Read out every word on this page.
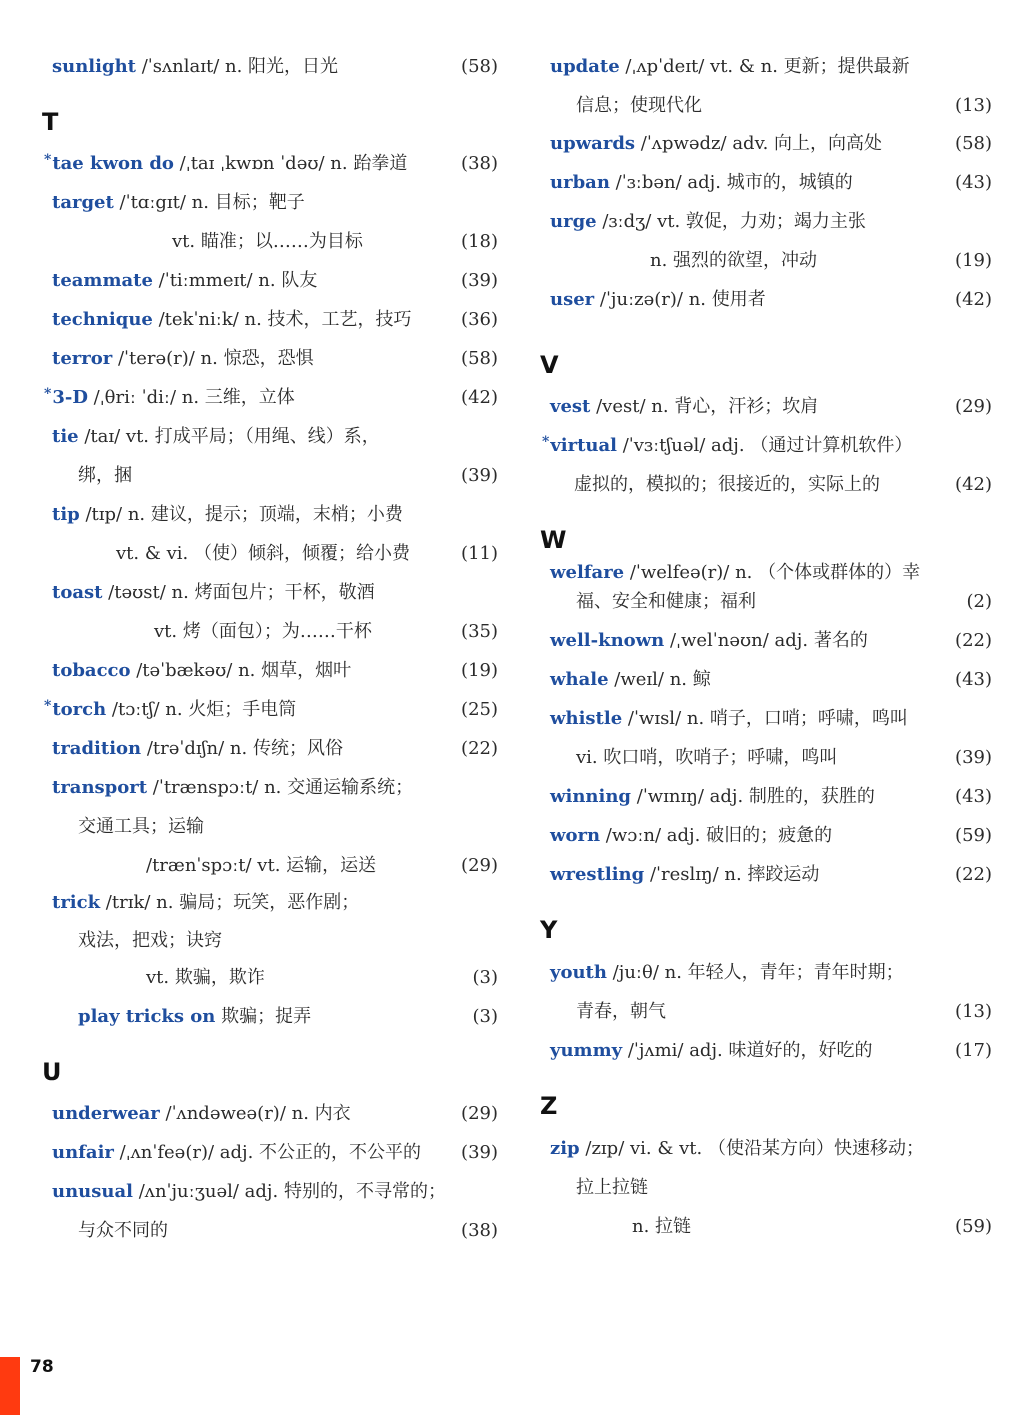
sunlight /ˈsʌnlaɪt/ n. 阳光，日光	(58)
T
*tae kwon do /ˌtaɪ ˌkwɒn ˈdəʊ/ n. 跆拳道	(38)
target /ˈtɑːgɪt/ n. 目标；靶子
vt. 瞄准；以……为目标	(18)
teammate /ˈtiːmmeɪt/ n. 队友	(39)
technique /tekˈniːk/ n. 技术，工艺，技巧	(36)
terror /ˈterə(r)/ n. 惊恐，恐惧	(58)
*3-D /ˌθriː ˈdiː/ n. 三维，立体	(42)
tie /taɪ/ vt. 打成平局；（用绳、线）系，
绑，捆	(39)
tip /tɪp/ n. 建议，提示；顶端，末梢；小费
vt. & vi. （使）倾斜，倾覆；给小费	(11)
toast /təʊst/ n. 烤面包片；干杯，敬酒
vt. 烤（面包）；为……干杯	(35)
tobacco /təˈbækəʊ/ n. 烟草，烟叶	(19)
*torch /tɔːtʃ/ n. 火炬；手电筒	(25)
tradition /trəˈdɪʃn/ n. 传统；风俗	(22)
transport /ˈtrænspɔːt/ n. 交通运输系统；
交通工具；运输
/trænˈspɔːt/ vt. 运输，运送	(29)
trick /trɪk/ n. 骗局；玩笑，恶作剧；
戏法，把戏；诀窍
vt. 欺骗，欺诈	(3)
play tricks on 欺骗；捉弄	(3)
U
underwear /ˈʌndəweə(r)/ n. 内衣	(29)
unfair /ˌʌnˈfeə(r)/ adj. 不公正的，不公平的 (39)
unusual /ʌnˈjuːʒuəl/ adj. 特别的，不寻常的；
与众不同的	(38)
update /ˌʌpˈdeɪt/ vt. & n. 更新；提供最新
信息；使现代化	(13)
upwards /ˈʌpwədz/ adv. 向上，向高处	(58)
urban /ˈɜːbən/ adj. 城市的，城镇的	(43)
urge /ɜːdʒ/ vt. 敦促，力劝；竭力主张
n. 强烈的欲望，冲动	(19)
user /ˈjuːzə(r)/ n. 使用者	(42)
V
vest /vest/ n. 背心，汗衫；坎肩	(29)
*virtual /ˈvɜːtʃuəl/ adj. （通过计算机软件）
虚拟的，模拟的；很接近的，实际上的	(42)
W
welfare /ˈwelfeə(r)/ n. （个体或群体的）幸
福、安全和健康；福利	(2)
well-known /ˌwelˈnəʊn/ adj. 著名的	(22)
whale /weɪl/ n. 鲸	(43)
whistle /ˈwɪsl/ n. 哨子，口哨；呼啸，鸣叫
vi. 吹口哨，吹哨子；呼啸，鸣叫	(39)
winning /ˈwɪnɪŋ/ adj. 制胜的，获胜的	(43)
worn /wɔːn/ adj. 破旧的；疲惫的	(59)
wrestling /ˈreslɪŋ/ n. 摔跤运动	(22)
Y
youth /juːθ/ n. 年轻人，青年；青年时期；
青春，朝气	(13)
yummy /ˈjʌmi/ adj. 味道好的，好吃的	(17)
Z
zip /zɪp/ vi. & vt. （使沿某方向）快速移动；
拉上拉链
n. 拉链	(59)
78
